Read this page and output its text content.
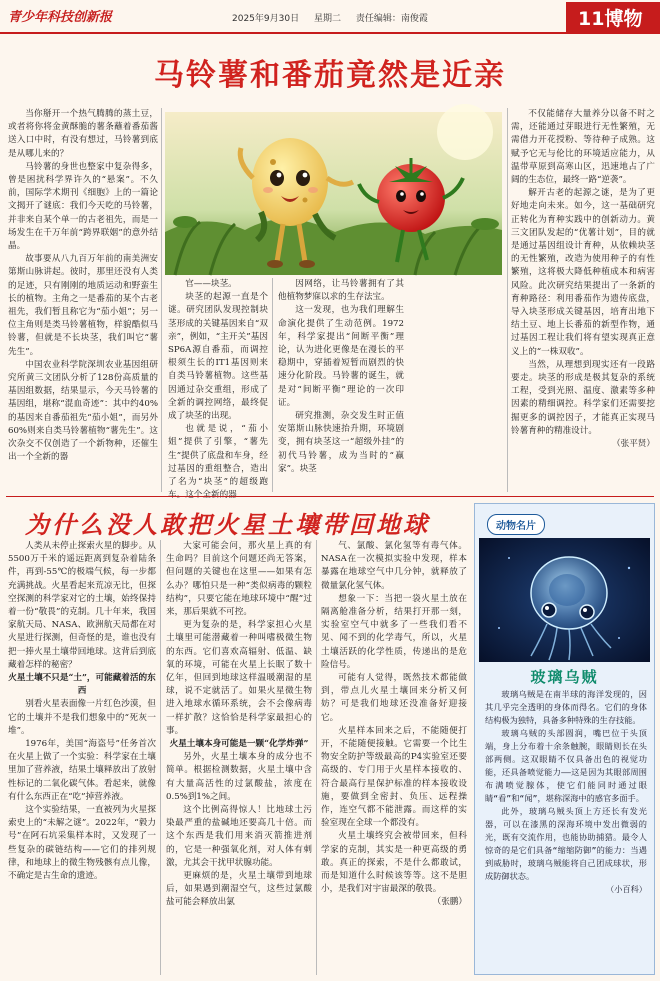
青少年科技创新报	2025年9月30日 星期二 责任编辑：南俊霞	11博物
马铃薯和番茄竟然是近亲

当你掰开一个热气腾腾的蒸土豆，或者将你将金黄酥脆的薯条蘸着番茄酱送入口中时，有没有想过，马铃薯到底是从哪儿来的？

马铃薯的身世也整家中复杂得多，曾是困扰科学界许久的“悬案”。不久前，国际学术期刊《细胞》上的一篇论文揭开了谜底：我们今天吃的马铃薯，并非来自某个单一的古老祖先，而是一场发生在千万年前“跨界联姻”的意外结晶。

故事要从八九百万年前的南美洲安第斯山脉讲起。彼时，那里还没有人类的足迹，只有刚刚的地质运动和野蛮生长的植物。主角之一是番茄的某个古老祖先，我们暂且称它为“茄小姐”；另一位主角则是类马铃薯植物，样貌酷似马铃薯，但就是不长块茎，我们叫它“薯先生”。

中国农业科学院深圳农业基因组研究所黄三文团队分析了128份高质量的基因组数据，结果显示，今天马铃薯的基因组，堪称“混血奇迹”：其中约40%的基因来自番茄祖先“茄小姐”，而另外60%则来自类马铃薯植物“薯先生”。这次杂交不仅创造了一个新物种，还催生出一个全新的器

官——块茎。

块茎的起源一直是个谜。研究团队发现控制块茎形成的关键基因来自“双亲”，例如，“主开关”基因SP6A源自番茄，而调控根须生长的IT1基因则来自类马铃薯植物。这些基因通过杂交重组，形成了全新的调控网络，最终促成了块茎的出现。

也就是说，“茄小姐”提供了引擎，“薯先生”提供了底盘和车身，经过基因的重组整合，造出了名为“块茎”的超级跑

因网络，让马铃薯拥有了其他植物梦寐以求的生存法宝。

这一发现，也为我们理解生命演化提供了生动范例。1972年，科学家提出“间断平衡”理论，认为进化更像是在漫长的平稳期中，穿插着短暂而剧烈的快速分化阶段。马铃薯的诞生，就是对“间断平衡”理论的一次印证。

研究推测，杂交发生时正值安第斯山脉快速抬升期，环境剧变，拥有块茎这一“超级外挂”的初代马铃薯，成为当时的“赢家”。块茎

不仅能储存大量养分以备不时之需，还能通过芽眼进行无性繁殖，无需借力开花授粉、等待种子成熟。这赋予它无与伦比的环境适应能力，从温带草原到高寒山区，迅速地占了广阔的生态位，最终一路“逆袭”。

解开古老的起源之谜，是为了更好地走向未来。如今，这一基础研究正转化为育种实践中的创新动力。黄三文团队发起的“优薯计划”，目的就是通过基因组设计育种，从依赖块茎的无性繁殖，改造为使用种子的有性繁殖，这将极大降低种植成本和病害风险。此次研究结果提出了一条新的育种路径：利用番茄作为遗传底盘，导入块茎形成关键基因，培育出地下结土豆、地上长番茄的新型作物，通过基因工程让我们将有望实现真正意义上的“一株双收”。

当然，从理想到现实还有一段路要走。块茎的形成是极其复杂的系统工程，受到光照、温度、激素等多种因素的精细调控。科学家们还需要挖掘更多的调控因子，才能真正实现马铃薯育种的精准设计。

（张平贤）

为什么没人敢把火星土壤带回地球

人类从未停止探索火星的脚步。从5500万千米的遥远距离到复杂着陆条件，再到-55℃的极端气候，每一步都充满挑战。火星看起来荒凉无比，但探空探测的科学家对它的土壤，始终保持着一份“敬畏”的克制。几十年来，我国家航天局、NASA、欧洲航天局都在对火星进行探测，但奇怪的是，谁也没有把一捧火星土壤带回地球。这背后到底藏着怎样的秘密？

火星土壤不只是“土”，可能藏着活的东西

别看火星表面像一片红色沙漠，但它的土壤并不是我们想象中的“死灰一堆”。

1976年，美国“海盗号”任务首次在火星上做了一个实验：科学家在土壤里加了营养液，结果土壤释放出了放射性标记的二氧化碳气体。看起来，就像有什么东西正在“吃”掉营养液。

这个实验结果，一直被列为火星探索史上的“未解之谜”。2022年，“毅力号”在阿石坑采集样本时，又发现了一些复杂的碳链结构——它们的排列规律，和地球上的微生物残骸有点儿像，不确定是古生命的遗迹。

大家可能会问，那火星上真的有生命吗？目前这个问题还尚无答案，但问题的关键也在这里——如果有怎么办？哪怕只是一种“类似病毒的颗粒结构”，只要它能在地球环境中“醒”过来，那后果就不可控。

更为复杂的是，科学家担心火星土壤里可能潜藏着一种叫嗜极微生物的东西。它们喜欢高辐射、低温、缺氧的环境，可能在火星上长眠了数十亿年，但回到地球这样温暖潮湿的星球，说不定就活了。如果火星微生物进入地球水循环系统，会不会像病毒一样扩散？这恰恰是科学家最担心的事。

火星土壤本身可能是一颗“化学炸弹”

另外，火星土壤本身的成分也不简单。根据检测数据，火星土壤中含有大量高活性的过氯酸盐，浓度在0.5%到1%之间。

这个比例高得惊人！比地球土污染最严重的盐碱地还要高几十倍。而这个东西是我们用来消灭箭推进剂的，它是一种强氧化剂，对人体有刺激，尤其会干扰甲状腺功能。

更麻烦的是，火星土壤带到地球后，如果遇到潮湿空气，这些过氯酸盐可能会释放出氯

气、氯酸、氯化氢等有毒气体。NASA在一次模拟实验中发现，样本暴露在地球空气中几分钟，就释放了微量氯化氢气体。

想象一下：当把一袋火星土放在隔离舱准备分析，结果打开那一刻，实验室空气中就多了一些我们看不见、闻不到的化学毒气，所以，火星土壤活跃的化学性质，传递出的是危险信号。

可能有人觉得，既然技术都能做到，带点儿火星土壤回来分析又何妨？可是我们地球还没准备好迎接它。

火星样本回来之后，不能随便打开，不能随便接触。它需要一个比生物安全防护等级最高的P4实验室还要高级的、专门用于火星样本接收的、符合最高行星保护标准的样本接收设施，要做到全密封、负压、远程操作，连空气都不能泄露。而这样的实验室现在全球一个都没有。

火星土壤终究会被带回来，但科学家的克制，其实是一种更高级的勇敢。真正的探索，不是什么都敢试，而是知道什么时候该等等。这不是胆小，是我们对宇宙最深的敬畏。

（张鹏）

动物名片
玻璃乌贼

玻璃乌贼是在南半球的海洋发现的，因其几乎完全透明的身体而得名。它们的身体结构极为独特，具备多种特殊的生存技能。

玻璃乌贼的头部圆润，嘴巴位于头顶端，身上分布着十余条触腕，眼睛则长在头部两侧。这双眼睛不仅具备出色的视觉功能，还具备喷觉能力——这是因为其眼部周围布满喷觉腺体，使它们能同时通过眼睛“看”和“闻”，堪称深海中的感官多面手。

此外，玻璃乌贼头顶上方还长有发光器，可以在漆黑的深海环境中发出微弱的光，既有交流作用，也能协助捕猎。最令人惊奇的是它们具备“缩缩防御”的能力：当遇到威胁时，玻璃乌贼能将自己团成球状，形成防御状态。

（小百科）
